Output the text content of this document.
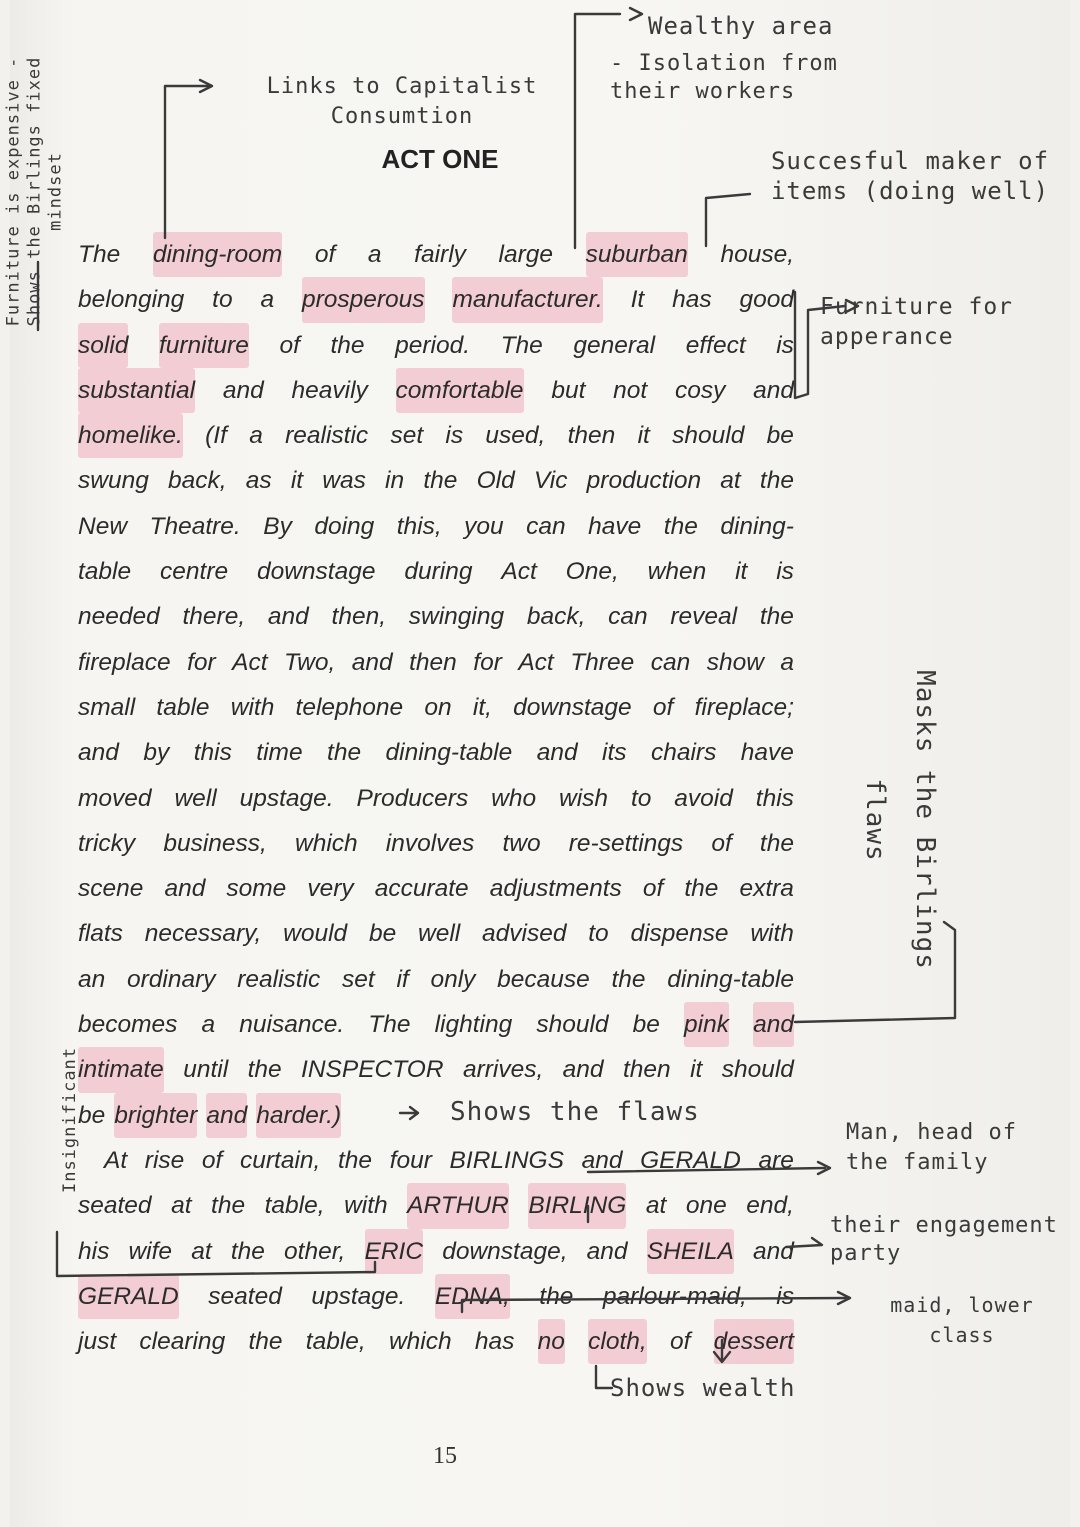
ACT ONE
The dining-room of a fairly large suburban house,
belonging to a prosperous manufacturer. It has good
solid furniture of the period. The general effect is
substantial and heavily comfortable but not cosy and
homelike. (If a realistic set is used, then it should be
swung back, as it was in the Old Vic production at the
New Theatre. By doing this, you can have the dining-
table centre downstage during Act One, when it is
needed there, and then, swinging back, can reveal the
fireplace for Act Two, and then for Act Three can show a
small table with telephone on it, downstage of fireplace;
and by this time the dining-table and its chairs have
moved well upstage. Producers who wish to avoid this
tricky business, which involves two re-settings of the
scene and some very accurate adjustments of the extra
flats necessary, would be well advised to dispense with
an ordinary realistic set if only because the dining-table
becomes a nuisance. The lighting should be pink and
intimate until the INSPECTOR arrives, and then it should
be brighter and harder.)
At rise of curtain, the four BIRLINGS and GERALD are
seated at the table, with ARTHUR BIRLING at one end,
his wife at the other, ERIC downstage, and SHEILA and
GERALD seated upstage. EDNA, the parlour-maid, is
just clearing the table, which has no cloth, of dessert
15
Links to Capitalist Consumtion
Wealthy area
- Isolation from their workers
Succesful maker of items (doing well)
Furniture for apperance
Masks the Birlings flaws
Furniture is expensive - Shows the Birlings fixed mindset
Insignificant	Shows the flaws
Man, head of the family
their engagement party
maid, lower class
Shows wealth
